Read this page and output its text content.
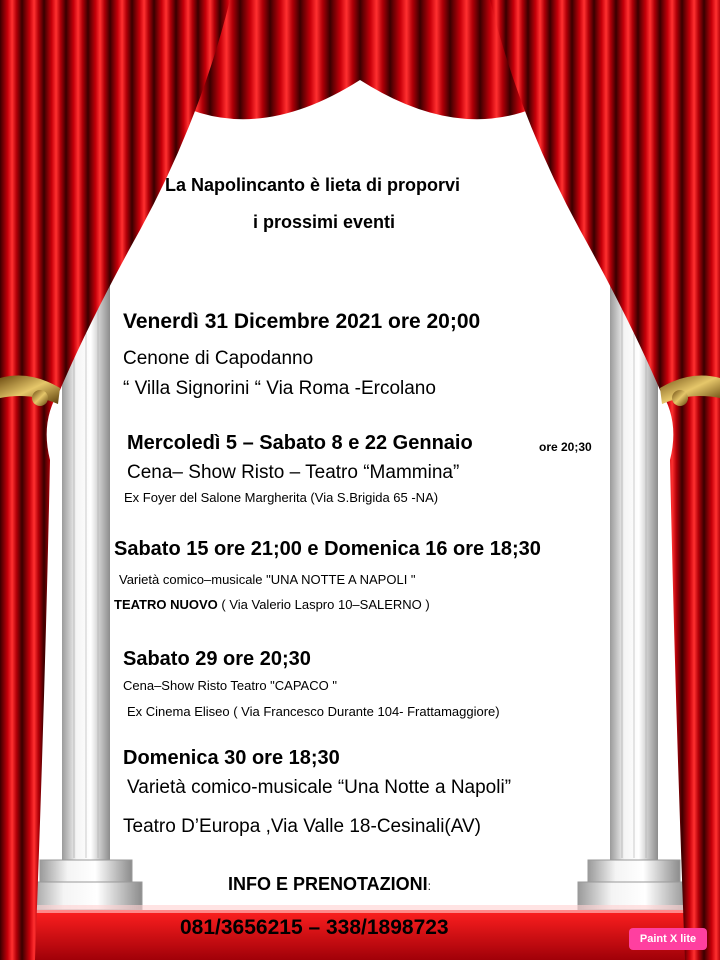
La Napolincanto è lieta di proporvi
i prossimi eventi
Venerdì 31 Dicembre 2021 ore 20;00
Cenone di Capodanno
“ Villa Signorini “ Via Roma -Ercolano
Mercoledì 5 – Sabato 8 e 22 Gennaio	ore 20;30
Cena– Show Risto – Teatro “Mammina”
Ex Foyer del Salone Margherita (Via S.Brigida 65 -NA)
Sabato 15 ore 21;00 e Domenica 16 ore 18;30
Varietà comico–musicale "UNA NOTTE A NAPOLI "
TEATRO NUOVO ( Via Valerio Laspro 10–SALERNO )
Sabato 29 ore 20;30
Cena–Show Risto Teatro "CAPACO "
Ex Cinema Eliseo ( Via Francesco Durante 104- Frattamaggiore)
Domenica 30 ore 18;30
Varietà comico-musicale “Una Notte a Napoli”
Teatro D’Europa ,Via Valle 18-Cesinali(AV)
INFO E PRENOTAZIONI:
081/3656215 – 338/1898723	Paint X lite
